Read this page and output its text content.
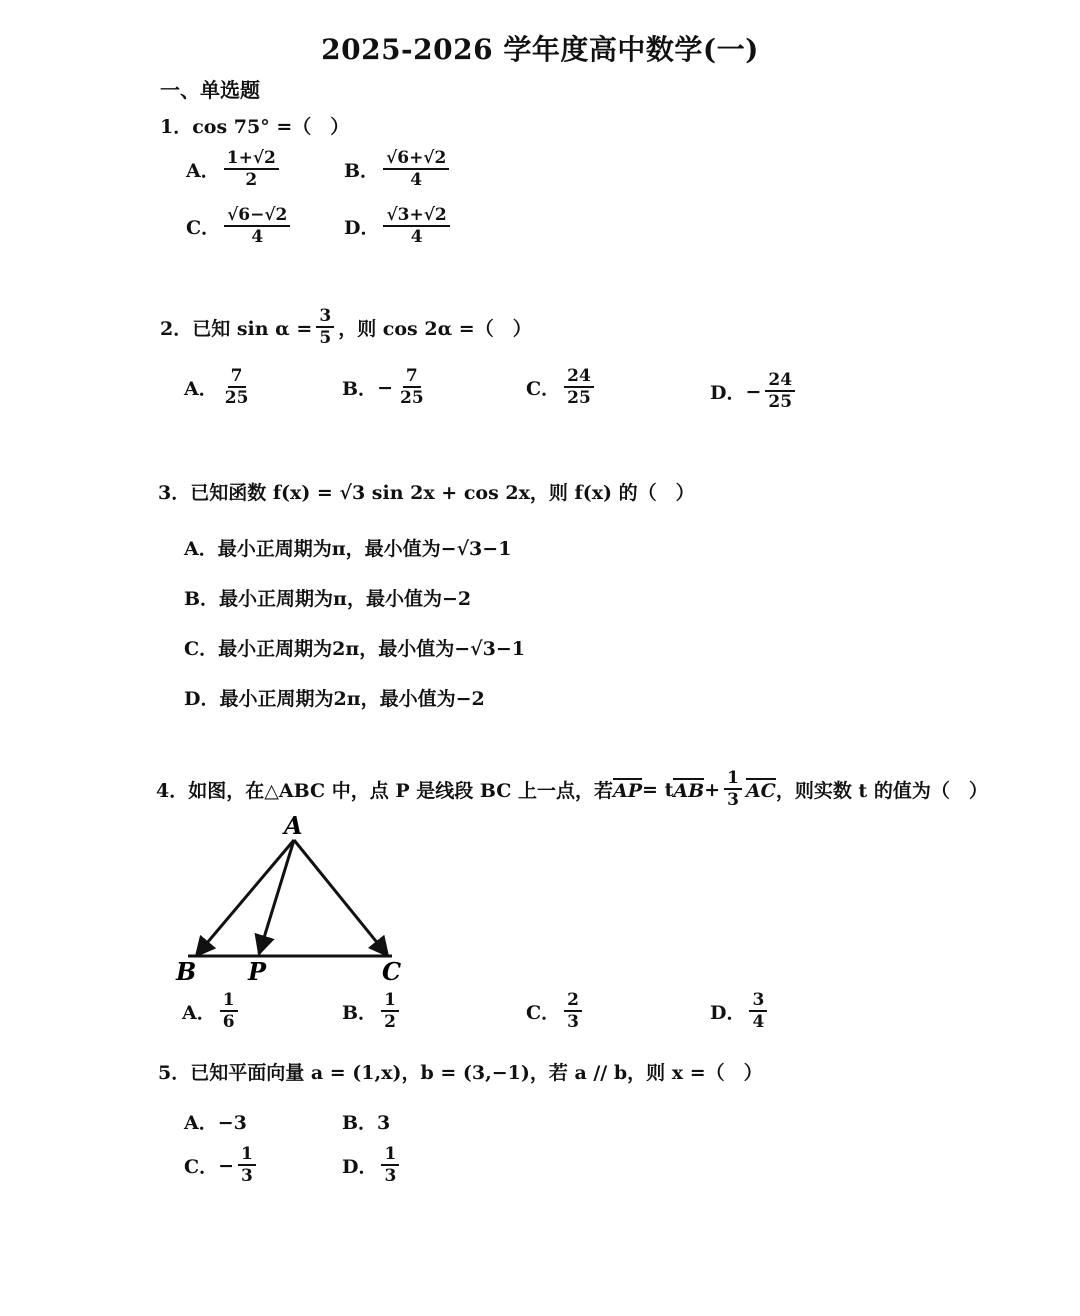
2025-2026 学年度高中数学(一)
一、单选题
1．cos 75° =（　）
A． $\frac{1+√2}{2}$	B． $\frac{√6+√2}{4}$
C． $\frac{√6-√2}{4}$	D． $\frac{√3+√2}{4}$
2．已知 $\sin \alpha = \frac{3}{5}$ ，则 cos 2α =（　）
A． $\frac{7}{25}$	B． − $\frac{7}{25}$	C． $\frac{24}{25}$	D． − $\frac{24}{25}$
3．已知函数 f(x) = √3 sin 2x + cos 2x，则 f(x) 的（　）
A．最小正周期为π，最小值为−√3−1
B．最小正周期为π，最小值为−2
C．最小正周期为2π，最小值为−√3−1
D．最小正周期为2π，最小值为−2
4．如图，在△ABC 中，点 P 是线段 BC 上一点，若 AP = t AB + $\frac{1}{3}$ AC ，则实数 t 的值为（　）
A
B P	C
A． $\frac{1}{6}$	B． $\frac{1}{2}$	C． $\frac{2}{3}$	D． $\frac{3}{4}$
5．已知平面向量 a = (1,x)，b = (3,−1)，若 a // b，则 x =（　）
A．−3	B．3
C． − $\frac{1}{3}$	D． $\frac{1}{3}$
